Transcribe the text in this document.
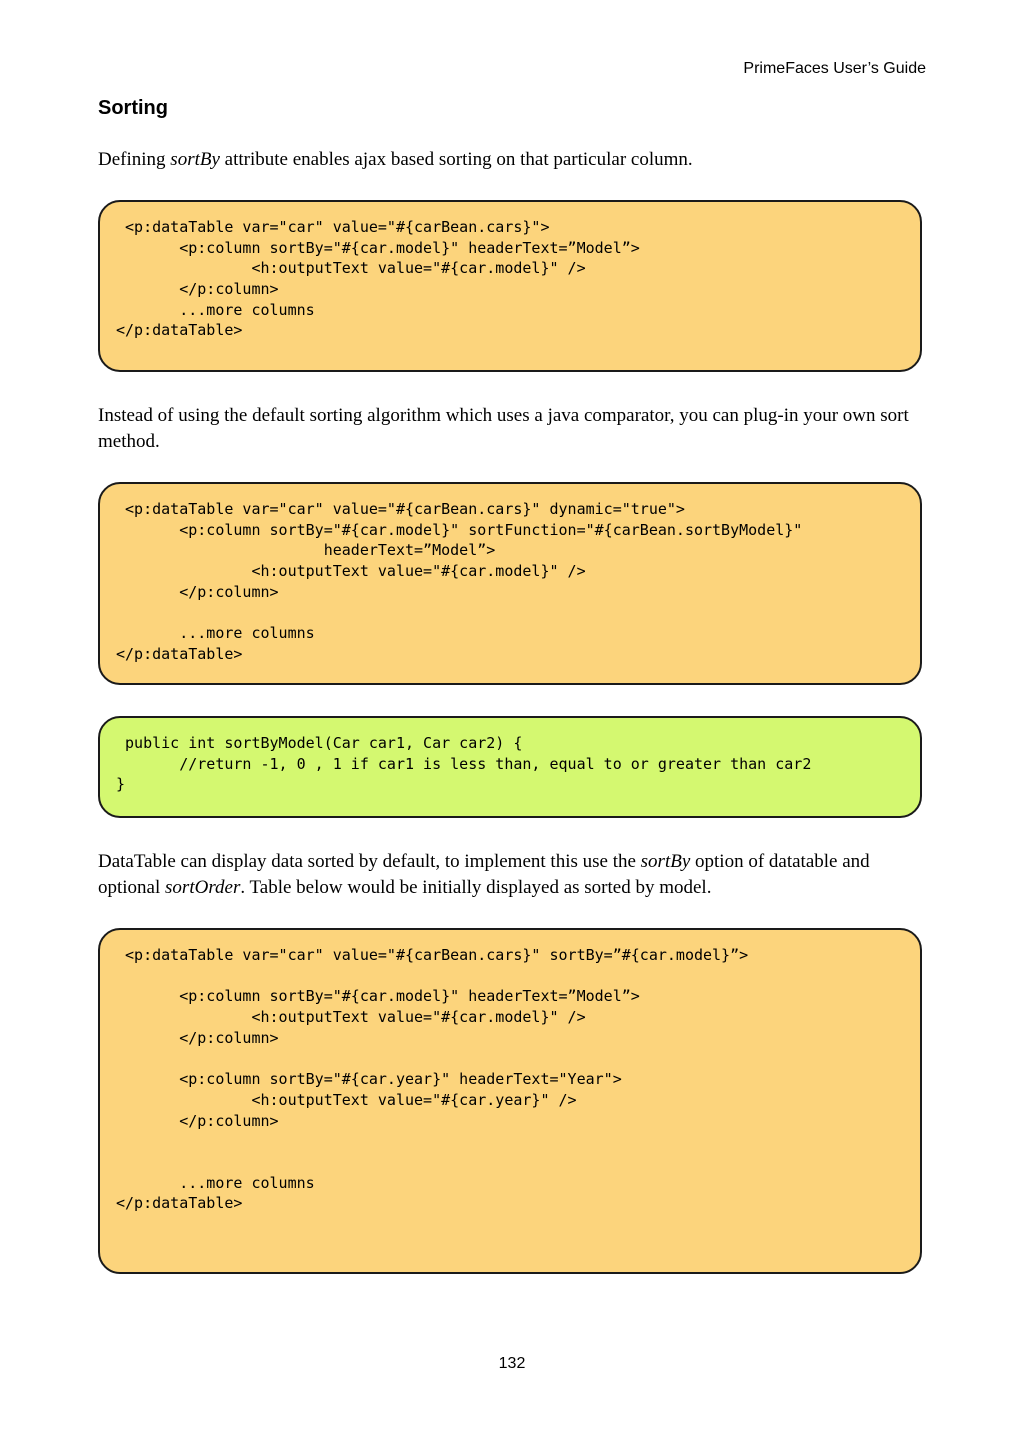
PrimeFaces User’s Guide
Sorting
Defining sortBy attribute enables ajax based sorting on that particular column.
<p:dataTable var="car" value="#{carBean.cars}">
<p:column sortBy="#{car.model}" headerText=”Model”>
<h:outputText value="#{car.model}" />
</p:column>
...more columns
</p:dataTable>
Instead of using the default sorting algorithm which uses a java comparator, you can plug-in your own sort method.
<p:dataTable var="car" value="#{carBean.cars}" dynamic="true">
<p:column sortBy="#{car.model}" sortFunction="#{carBean.sortByModel}"
headerText=”Model”>
<h:outputText value="#{car.model}" />
</p:column>
...more columns
</p:dataTable>
public int sortByModel(Car car1, Car car2) {
//return -1, 0 , 1 if car1 is less than, equal to or greater than car2
}
DataTable can display data sorted by default, to implement this use the sortBy option of datatable and optional sortOrder. Table below would be initially displayed as sorted by model.
<p:dataTable var="car" value="#{carBean.cars}" sortBy=”#{car.model}”>
<p:column sortBy="#{car.model}" headerText=”Model”>
<h:outputText value="#{car.model}" />
</p:column>
<p:column sortBy="#{car.year}" headerText="Year">
<h:outputText value="#{car.year}" />
</p:column>
...more columns
</p:dataTable>
132
